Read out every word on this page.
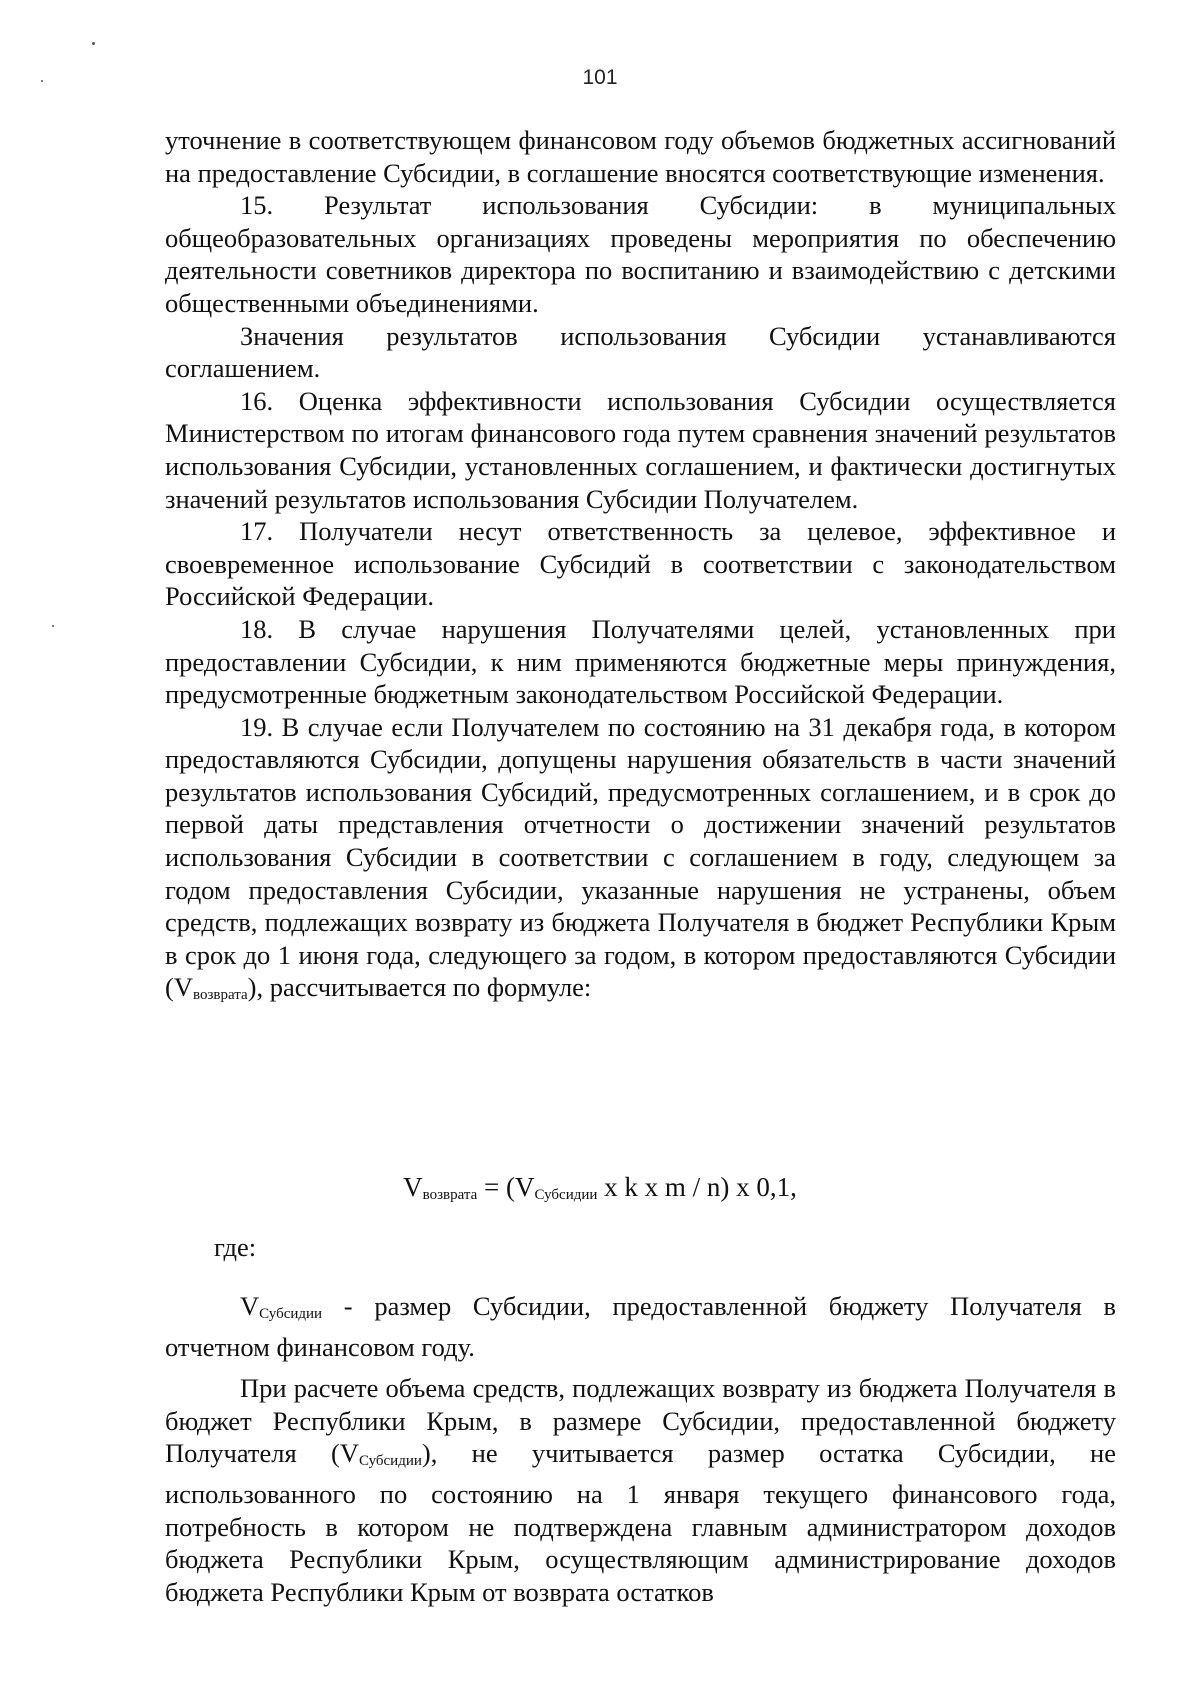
101

уточнение в соответствующем финансовом году объемов бюджетных ассигнований на предоставление Субсидии, в соглашение вносятся соответствующие изменения.

15. Результат использования Субсидии: в муниципальных общеобразовательных организациях проведены мероприятия по обеспечению деятельности советников директора по воспитанию и взаимодействию с детскими общественными объединениями.

Значения результатов использования Субсидии устанавливаются соглашением.

16. Оценка эффективности использования Субсидии осуществляется Министерством по итогам финансового года путем сравнения значений результатов использования Субсидии, установленных соглашением, и фактически достигнутых значений результатов использования Субсидии Получателем.

17. Получатели несут ответственность за целевое, эффективное и своевременное использование Субсидий в соответствии с законодательством Российской Федерации.

18. В случае нарушения Получателями целей, установленных при предоставлении Субсидии, к ним применяются бюджетные меры принуждения, предусмотренные бюджетным законодательством Российской Федерации.

19. В случае если Получателем по состоянию на 31 декабря года, в котором предоставляются Субсидии, допущены нарушения обязательств в части значений результатов использования Субсидий, предусмотренных соглашением, и в срок до первой даты представления отчетности о достижении значений результатов использования Субсидии в соответствии с соглашением в году, следующем за годом предоставления Субсидии, указанные нарушения не устранены, объем средств, подлежащих возврату из бюджета Получателя в бюджет Республики Крым в срок до 1 июня года, следующего за годом, в котором предоставляются Субсидии $(V_{возврата})$, рассчитывается по формуле:

$V_{возврата} = (V_{Субсидии}$ x k x m / n) x 0,1,
где:

$V_{Субсидии}$ - размер Субсидии, предоставленной бюджету Получателя в отчетном финансовом году.

При расчете объема средств, подлежащих возврату из бюджета Получателя в бюджет Республики Крым, в размере Субсидии, предоставленной бюджету Получателя $(V_{Субсидии})$, не учитывается размер остатка Субсидии, не использованного по состоянию на 1 января текущего финансового года, потребность в котором не подтверждена главным администратором доходов бюджета Республики Крым, осуществляющим администрирование доходов бюджета Республики Крым от возврата остатков
